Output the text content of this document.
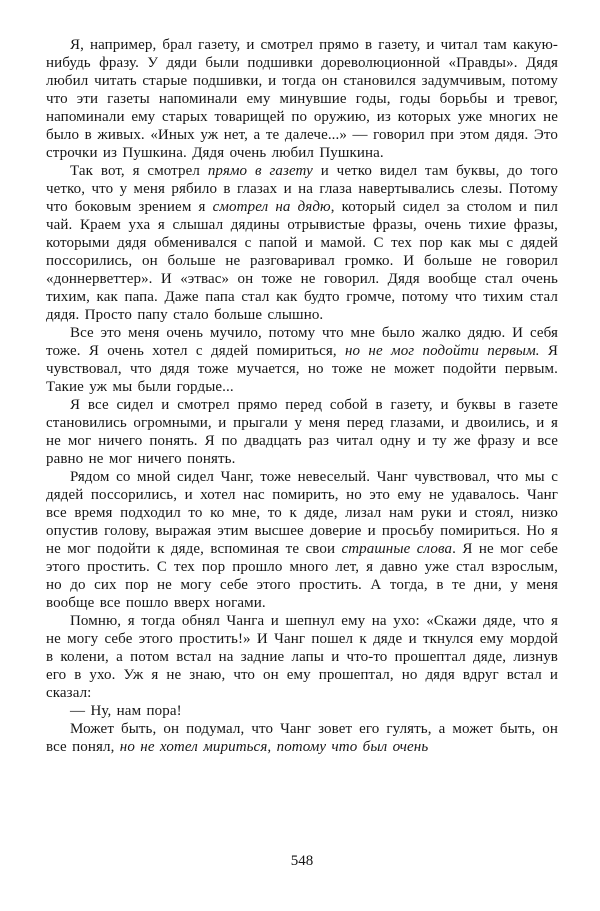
Я, например, брал газету, и смотрел прямо в газету, и читал там какую-нибудь фразу. У дяди были подшивки дореволюционной «Правды». Дядя любил читать старые подшивки, и тогда он становился задумчивым, потому что эти газеты напоминали ему минувшие годы, годы борьбы и тревог, напоминали ему старых товарищей по оружию, из которых уже многих не было в живых. «Иных уж нет, а те далече...» — говорил при этом дядя. Это строчки из Пушкина. Дядя очень любил Пушкина.

Так вот, я смотрел прямо в газету и четко видел там буквы, до того четко, что у меня рябило в глазах и на глаза навертывались слезы. Потому что боковым зрением я смотрел на дядю, который сидел за столом и пил чай. Краем уха я слышал дядины отрывистые фразы, очень тихие фразы, которыми дядя обменивался с папой и мамой. С тех пор как мы с дядей поссорились, он больше не разговаривал громко. И больше не говорил «доннерветтер». И «этвас» он тоже не говорил. Дядя вообще стал очень тихим, как папа. Даже папа стал как будто громче, потому что тихим стал дядя. Просто папу стало больше слышно.

Все это меня очень мучило, потому что мне было жалко дядю. И себя тоже. Я очень хотел с дядей помириться, но не мог подойти первым. Я чувствовал, что дядя тоже мучается, но тоже не может подойти первым. Такие уж мы были гордые...

Я все сидел и смотрел прямо перед собой в газету, и буквы в газете становились огромными, и прыгали у меня перед глазами, и двоились, и я не мог ничего понять. Я по двадцать раз читал одну и ту же фразу и все равно не мог ничего понять.

Рядом со мной сидел Чанг, тоже невеселый. Чанг чувствовал, что мы с дядей поссорились, и хотел нас помирить, но это ему не удавалось. Чанг все время подходил то ко мне, то к дяде, лизал нам руки и стоял, низко опустив голову, выражая этим высшее доверие и просьбу помириться. Но я не мог подойти к дяде, вспоминая те свои страшные слова. Я не мог себе этого простить. С тех пор прошло много лет, я давно уже стал взрослым, но до сих пор не могу себе этого простить. А тогда, в те дни, у меня вообще все пошло вверх ногами.

Помню, я тогда обнял Чанга и шепнул ему на ухо: «Скажи дяде, что я не могу себе этого простить!» И Чанг пошел к дяде и ткнулся ему мордой в колени, а потом встал на задние лапы и что-то прошептал дяде, лизнув его в ухо. Уж я не знаю, что он ему прошептал, но дядя вдруг встал и сказал:

— Ну, нам пора!

Может быть, он подумал, что Чанг зовет его гулять, а может быть, он все понял, но не хотел мириться, потому что был очень

548
